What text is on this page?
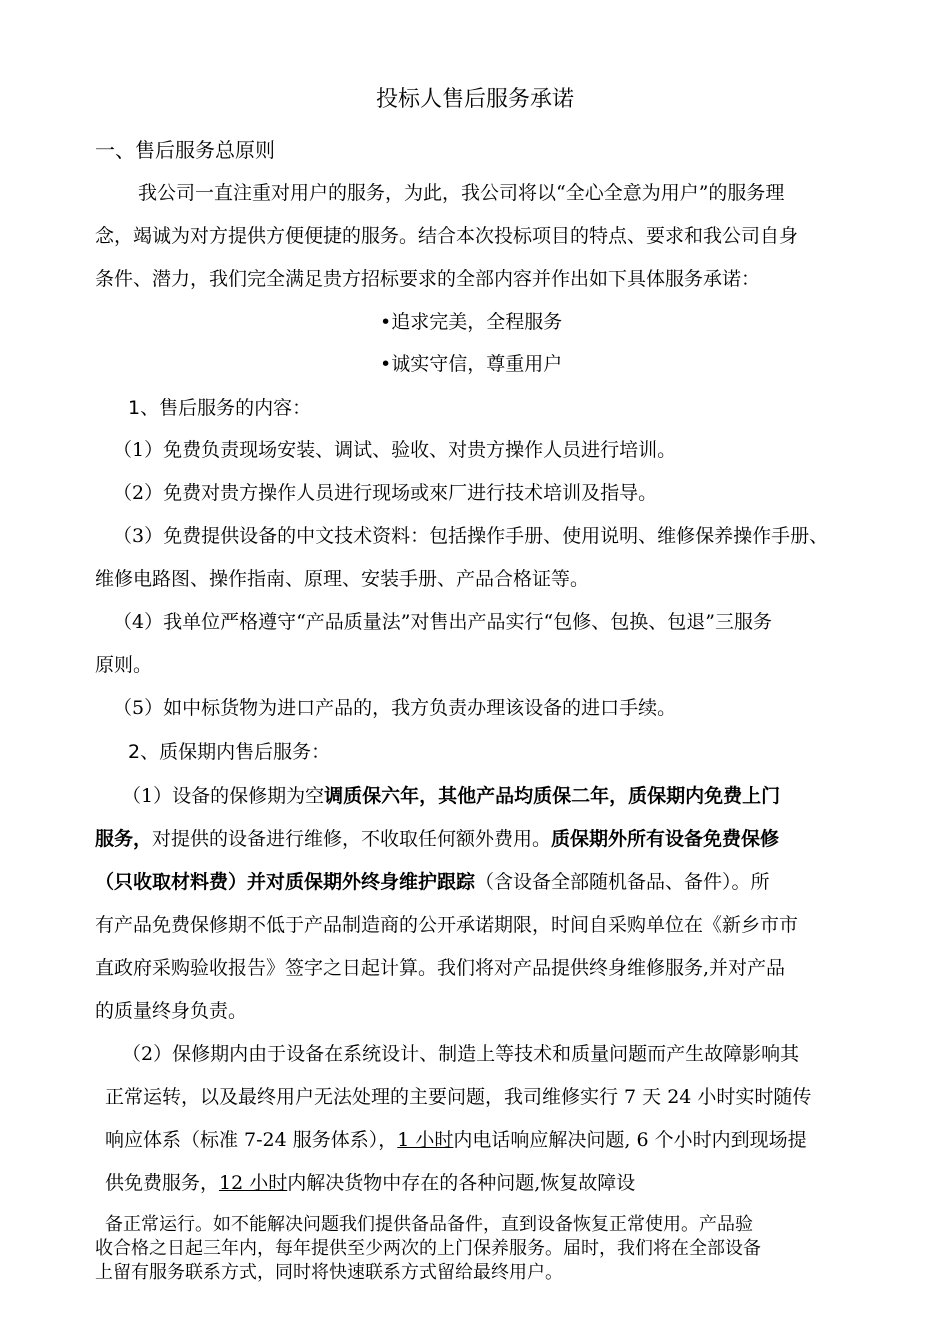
投标人售后服务承诺
一、售后服务总原则
我公司一直注重对用户的服务，为此，我公司将以“全心全意为用户”的服务理
念，竭诚为对方提供方便便捷的服务。结合本次投标项目的特点、要求和我公司自身
条件、潜力，我们完全满足贵方招标要求的全部内容并作出如下具体服务承诺：
•追求完美，全程服务
•诚实守信，尊重用户
1、售后服务的内容：
（1）免费负责现场安装、调试、验收、对贵方操作人员进行培训。
（2）免费对贵方操作人员进行现场或來厂进行技术培训及指导。
（3）免费提供设备的中文技术资料：包括操作手册、使用说明、维修保养操作手册、
维修电路图、操作指南、原理、安装手册、产品合格证等。
（4）我单位严格遵守“产品质量法”对售出产品实行“包修、包换、包退”三服务
原则。
（5）如中标货物为进口产品的，我方负责办理该设备的进口手续。
2、质保期内售后服务：
（1）设备的保修期为空调质保六年，其他产品均质保二年，质保期内免费上门
服务，对提供的设备进行维修，不收取任何额外费用。质保期外所有设备免费保修
（只收取材料费）并对质保期外终身维护跟踪（含设备全部随机备品、备件）。所
有产品免费保修期不低于产品制造商的公开承诺期限，时间自采购单位在《新乡市市
直政府采购验收报告》签字之日起计算。我们将对产品提供终身维修服务,并对产品
的质量终身负责。
（2）保修期内由于设备在系统设计、制造上等技术和质量问题而产生故障影响其
正常运转，以及最终用户无法处理的主要问题，我司维修实行 7 天 24 小时实时随传
响应体系（标准 7-24 服务体系），1 小时内电话响应解决问题, 6 个小时内到现场提
供免费服务，12 小时内解决货物中存在的各种问题,恢复故障设
备正常运行。如不能解决问题我们提供备品备件，直到设备恢复正常使用。产品验
收合格之日起三年内，每年提供至少两次的上门保养服务。届时，我们将在全部设备
上留有服务联系方式，同时将快速联系方式留给最终用户。
